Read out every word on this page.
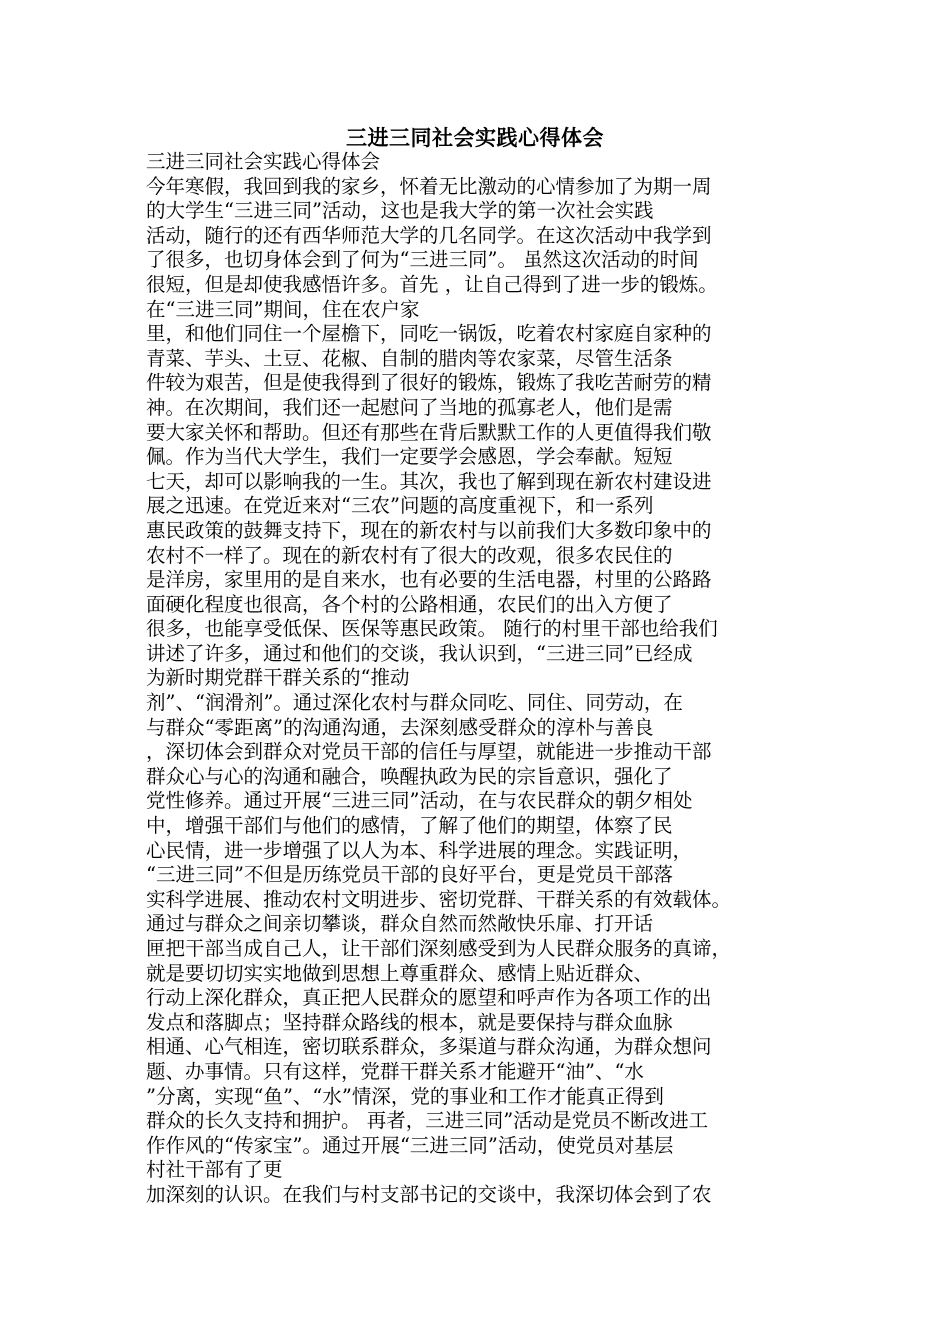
三进三同社会实践心得体会
三进三同社会实践心得体会
今年寒假，我回到我的家乡，怀着无比激动的心情参加了为期一周
的大学生“三进三同”活动，这也是我大学的第一次社会实践
活动，随行的还有西华师范大学的几名同学。在这次活动中我学到
了很多，也切身体会到了何为“三进三同”。 虽然这次活动的时间
很短，但是却使我感悟许多。首先 ，让自己得到了进一步的锻炼。
在“三进三同”期间，住在农户家
里，和他们同住一个屋檐下，同吃一锅饭，吃着农村家庭自家种的
青菜、芋头、土豆、花椒、自制的腊肉等农家菜，尽管生活条
件较为艰苦，但是使我得到了很好的锻炼，锻炼了我吃苦耐劳的精
神。在次期间，我们还一起慰问了当地的孤寡老人，他们是需
要大家关怀和帮助。但还有那些在背后默默工作的人更值得我们敬
佩。作为当代大学生，我们一定要学会感恩，学会奉献。短短
七天，却可以影响我的一生。其次，我也了解到现在新农村建设进
展之迅速。在党近来对“三农”问题的高度重视下，和一系列
惠民政策的鼓舞支持下，现在的新农村与以前我们大多数印象中的
农村不一样了。现在的新农村有了很大的改观，很多农民住的
是洋房，家里用的是自来水，也有必要的生活电器，村里的公路路
面硬化程度也很高，各个村的公路相通，农民们的出入方便了
很多，也能享受低保、医保等惠民政策。 随行的村里干部也给我们
讲述了许多，通过和他们的交谈，我认识到，“三进三同”已经成
为新时期党群干群关系的“推动
剂”、“润滑剂”。通过深化农村与群众同吃、同住、同劳动，在
与群众“零距离”的沟通沟通，去深刻感受群众的淳朴与善良
，深切体会到群众对党员干部的信任与厚望，就能进一步推动干部
群众心与心的沟通和融合，唤醒执政为民的宗旨意识，强化了
党性修养。通过开展“三进三同”活动，在与农民群众的朝夕相处
中，增强干部们与他们的感情，了解了他们的期望，体察了民
心民情，进一步增强了以人为本、科学进展的理念。实践证明，
“三进三同”不但是历练党员干部的良好平台，更是党员干部落
实科学进展、推动农村文明进步、密切党群、干群关系的有效载体。
通过与群众之间亲切攀谈，群众自然而然敞快乐扉、打开话
匣把干部当成自己人，让干部们深刻感受到为人民群众服务的真谛，
就是要切切实实地做到思想上尊重群众、感情上贴近群众、
行动上深化群众，真正把人民群众的愿望和呼声作为各项工作的出
发点和落脚点；坚持群众路线的根本，就是要保持与群众血脉
相通、心气相连，密切联系群众，多渠道与群众沟通，为群众想问
题、办事情。只有这样，党群干群关系才能避开“油”、“水
”分离，实现“鱼”、“水”情深，党的事业和工作才能真正得到
群众的长久支持和拥护。 再者，三进三同”活动是党员不断改进工
作作风的“传家宝”。通过开展“三进三同”活动，使党员对基层
村社干部有了更
加深刻的认识。在我们与村支部书记的交谈中，我深切体会到了农
